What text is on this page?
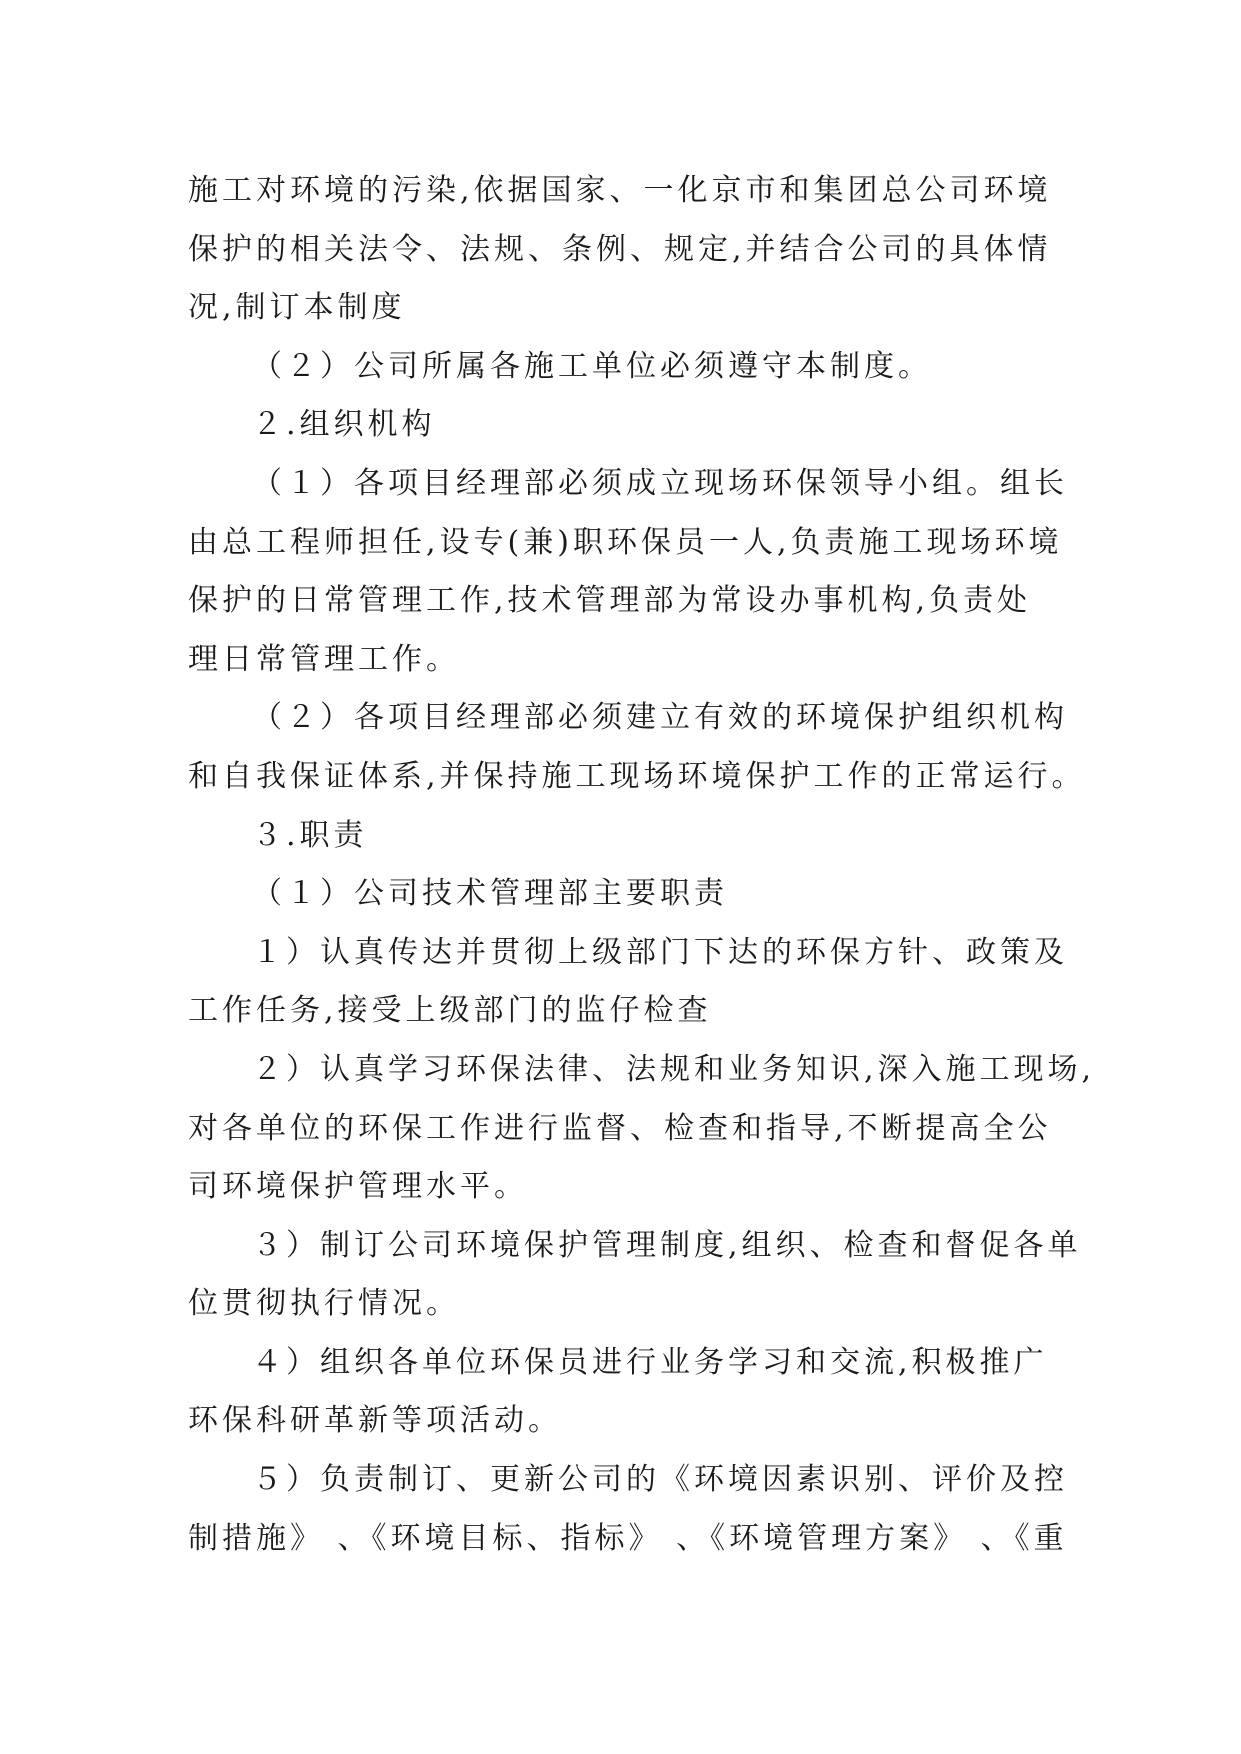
施工对环境的污染,依据国家、一化京市和集团总公司环境
保护的相关法令、法规、条例、规定,并结合公司的具体情
况,制订本制度
（２）公司所属各施工单位必须遵守本制度。
２.组织机构
（１）各项目经理部必须成立现场环保领导小组。组长
由总工程师担任,设专(兼)职环保员一人,负责施工现场环境
保护的日常管理工作,技术管理部为常设办事机构,负责处
理日常管理工作。
（２）各项目经理部必须建立有效的环境保护组织机构
和自我保证体系,并保持施工现场环境保护工作的正常运行。
３.职责
（１）公司技术管理部主要职责
１）认真传达并贯彻上级部门下达的环保方针、政策及
工作任务,接受上级部门的监仔检查
２）认真学习环保法律、法规和业务知识,深入施工现场,
对各单位的环保工作进行监督、检查和指导,不断提高全公
司环境保护管理水平。
３）制订公司环境保护管理制度,组织、检查和督促各单
位贯彻执行情况。
４）组织各单位环保员进行业务学习和交流,积极推广
环保科研革新等项活动。
５）负责制订、更新公司的《环境因素识别、评价及控
制措施》 、《环境目标、指标》 、《环境管理方案》 、《重
